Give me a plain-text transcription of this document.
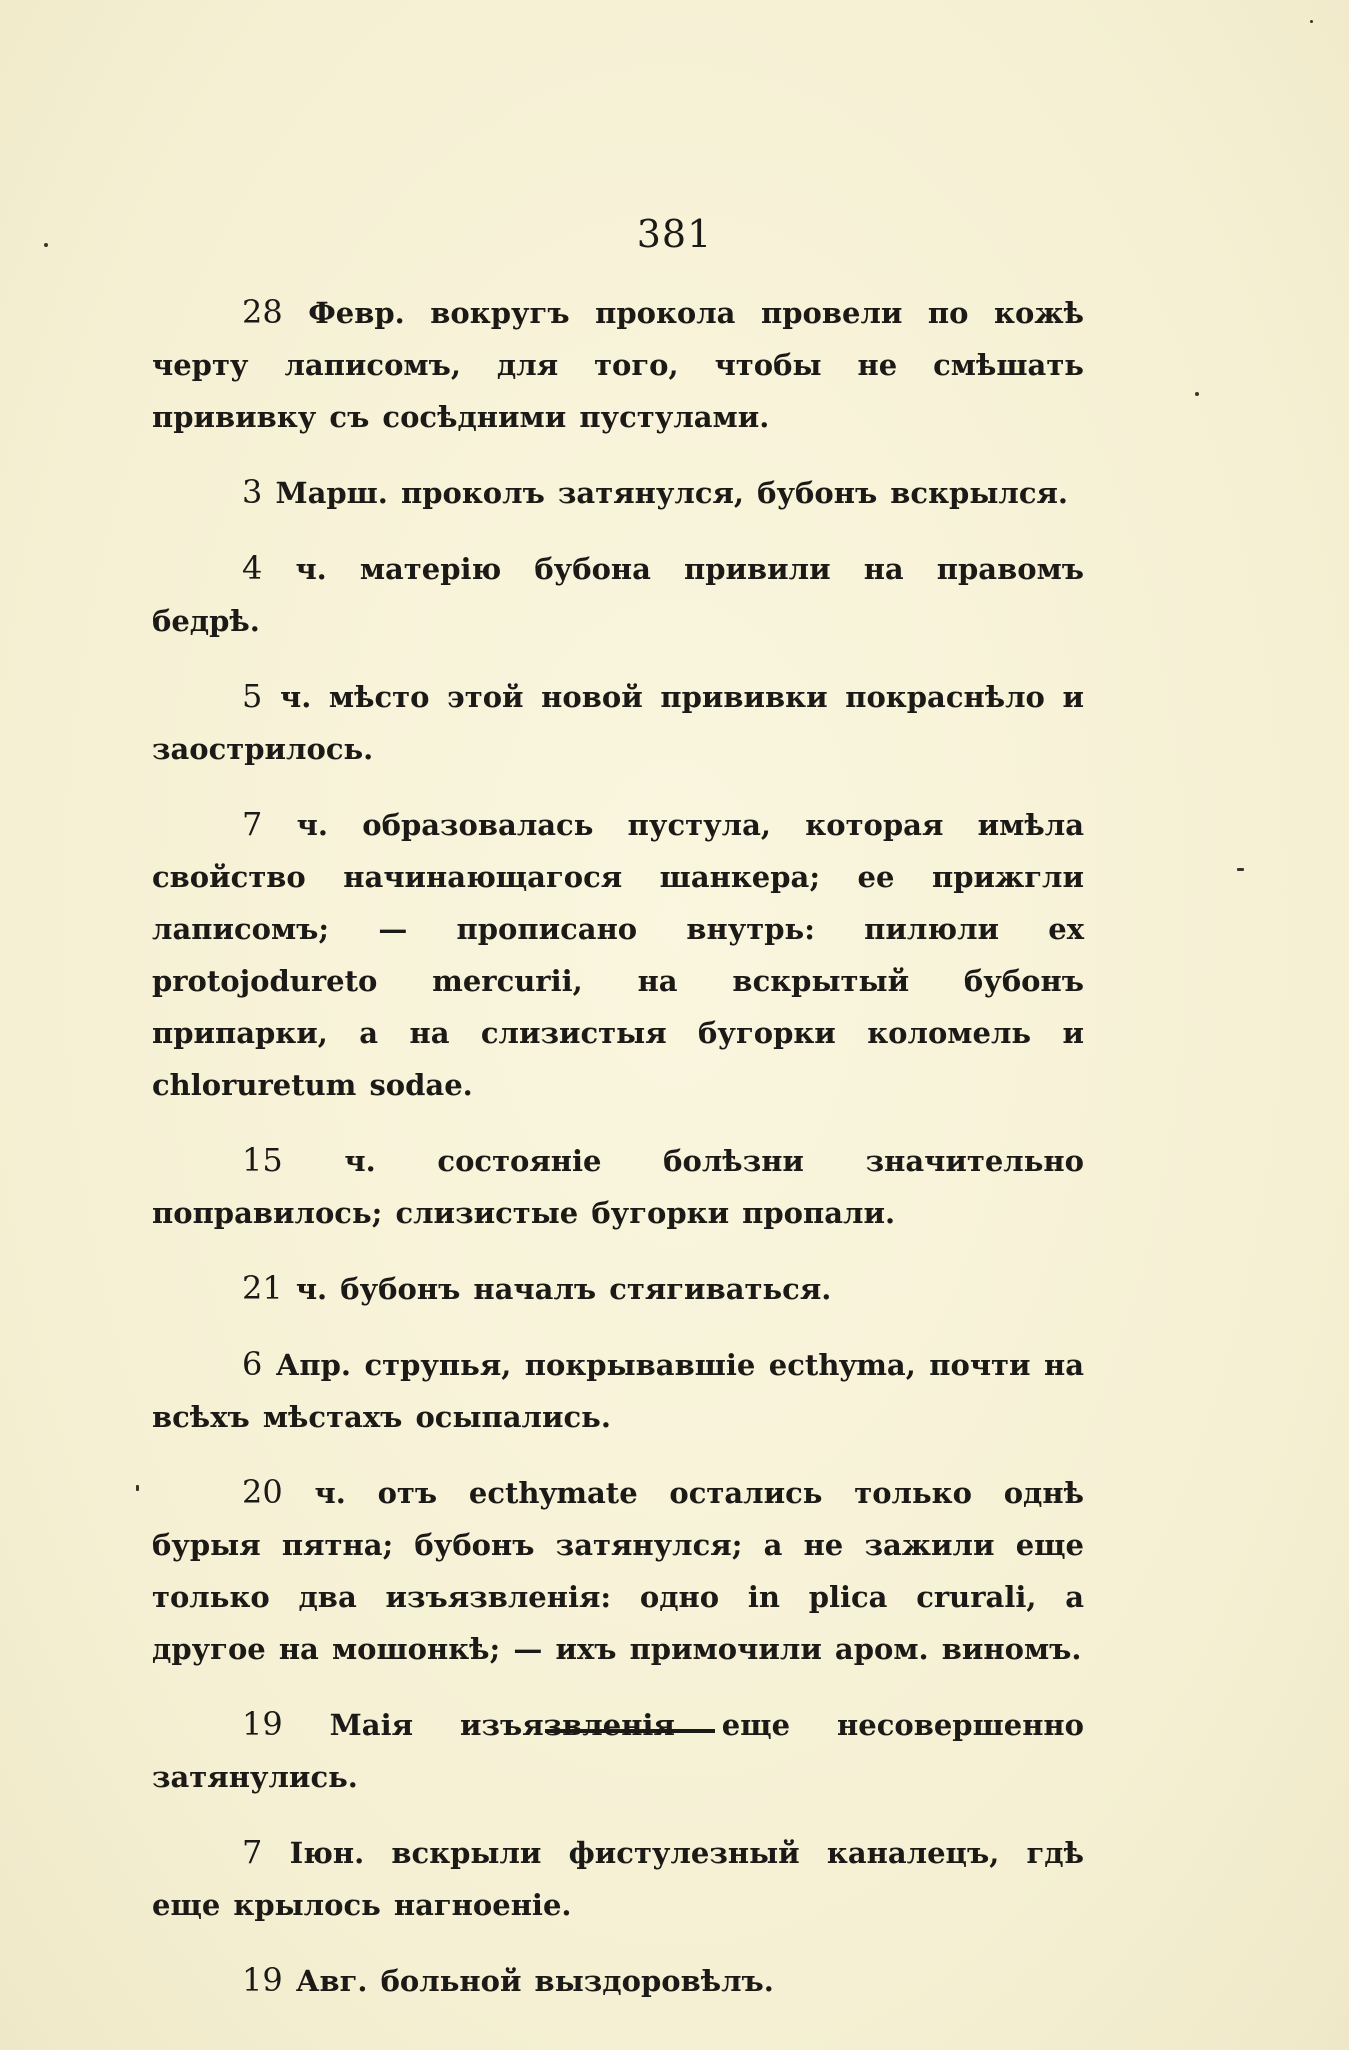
381

28 Февр. вокругъ прокола провели по кожѣ черту лаписомъ, для того, чтобы не смѣшать прививку съ сосѣдними пустулами.

3 Марш. проколъ затянулся, бубонъ вскрылся.

4 ч. матерію бубона привили на правомъ бедрѣ.

5 ч. мѣсто этой новой прививки покраснѣло и заострилось.

7 ч. образовалась пустула, которая имѣла свойство начинающагося шанкера; ее прижгли лаписомъ; — прописано внутрь: пилюли ex protojodureto mercurii, на вскрытый бубонъ припарки, а на слизистыя бугорки коломель и chloruretum sodae.

15 ч. состояніе болѣзни значительно поправилось; слизистые бугорки пропали.

21 ч. бубонъ началъ стягиваться.

6 Апр. струпья, покрывавшіе ecthyma, почти на всѣхъ мѣстахъ осыпались.

20 ч. отъ ecthymate остались только однѣ бурыя пятна; бубонъ затянулся; а не зажили еще только два изъязвленія: одно in plica crurali, а другое на мошонкѣ; — ихъ примочили аром. виномъ.

19 Маія изъязвленія еще несовершенно затянулись.

7 Іюн. вскрыли фистулезный каналецъ, гдѣ еще крылось нагноеніе.

19 Авг. больной выздоровѣлъ.
